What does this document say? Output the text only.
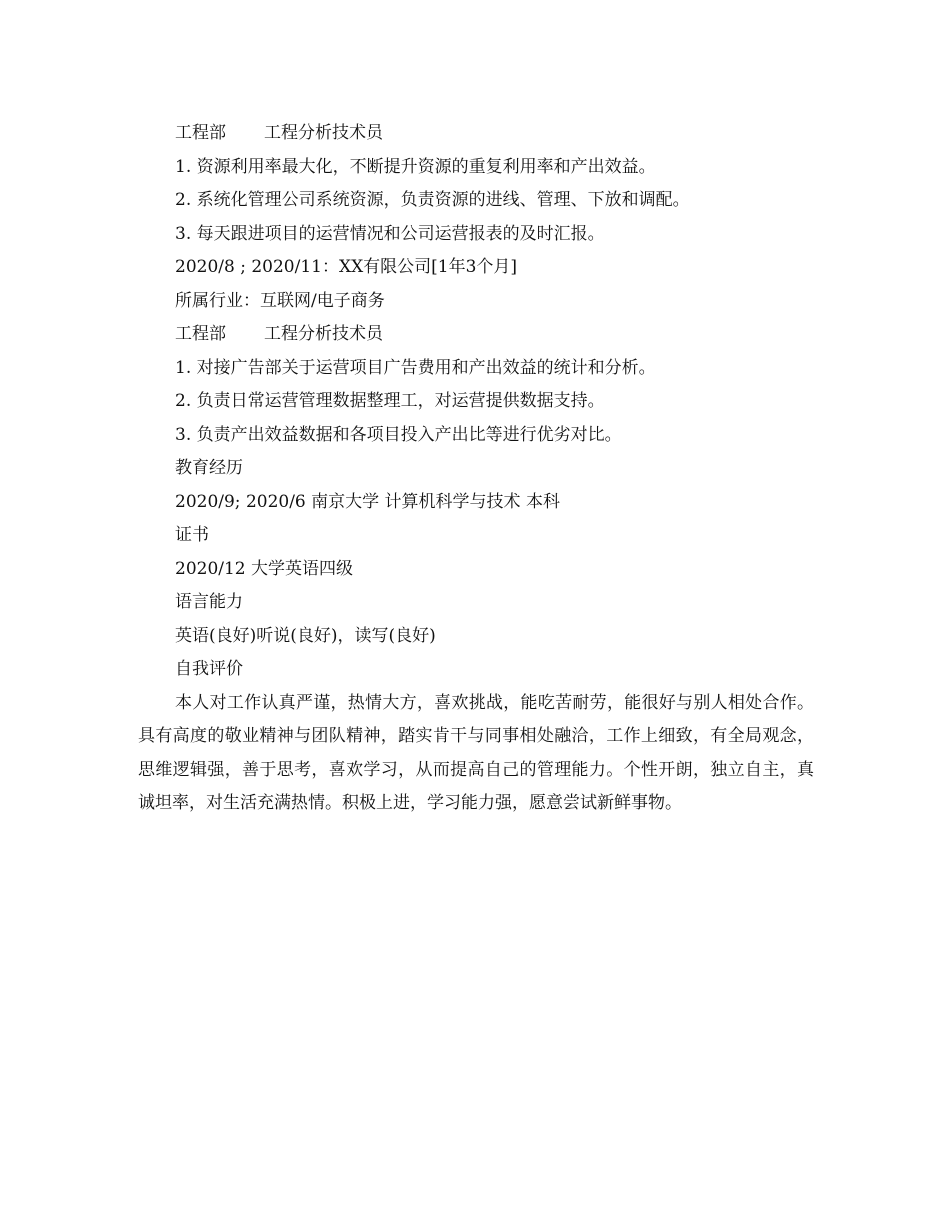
工程部 工程分析技术员
1. 资源利用率最大化，不断提升资源的重复利用率和产出效益。
2. 系统化管理公司系统资源，负责资源的进线、管理、下放和调配。
3. 每天跟进项目的运营情况和公司运营报表的及时汇报。
2020/8 ; 2020/11：XX有限公司[1年3个月]
所属行业：互联网/电子商务
工程部 工程分析技术员
1. 对接广告部关于运营项目广告费用和产出效益的统计和分析。
2. 负责日常运营管理数据整理工，对运营提供数据支持。
3. 负责产出效益数据和各项目投入产出比等进行优劣对比。
教育经历
2020/9; 2020/6 南京大学 计算机科学与技术 本科
证书
2020/12 大学英语四级
语言能力
英语(良好)听说(良好)，读写(良好)
自我评价

本人对工作认真严谨，热情大方，喜欢挑战，能吃苦耐劳，能很好与别人相处合作。具有高度的敬业精神与团队精神，踏实肯干与同事相处融洽，工作上细致，有全局观念，思维逻辑强，善于思考，喜欢学习，从而提高自己的管理能力。个性开朗，独立自主，真诚坦率，对生活充满热情。积极上进，学习能力强，愿意尝试新鲜事物。
